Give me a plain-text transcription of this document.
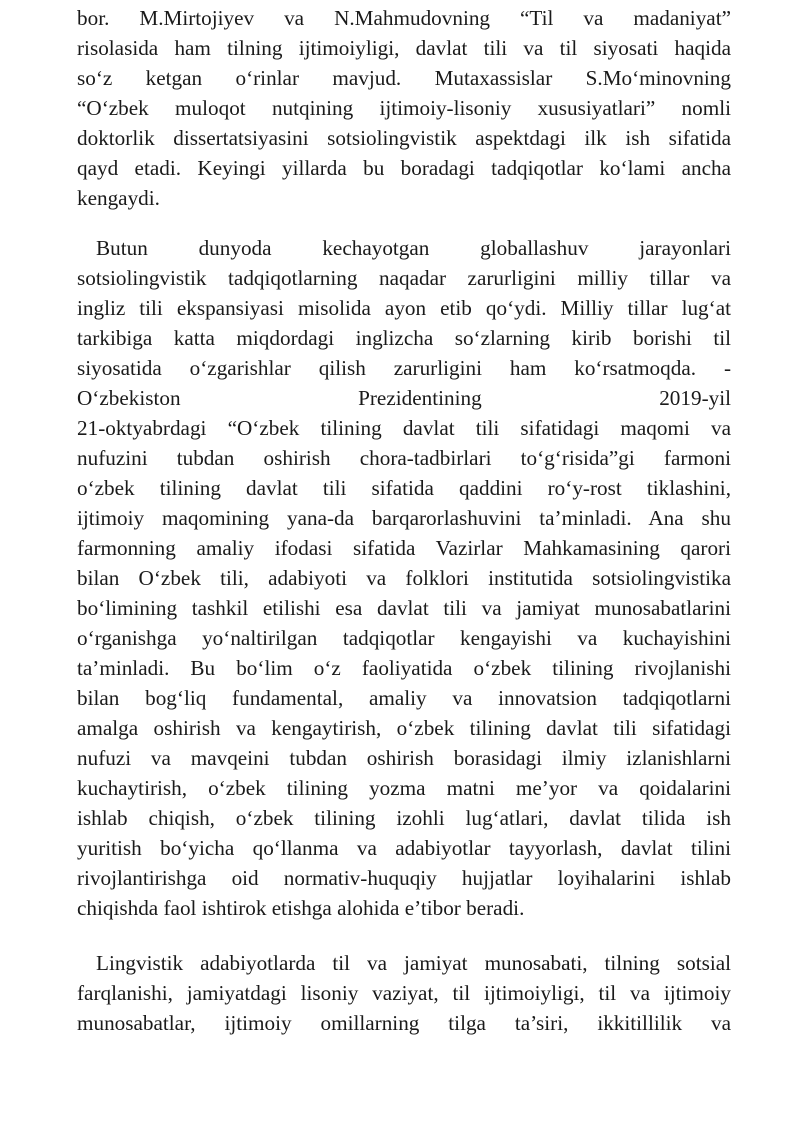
bor. M.Mirtojiyev va N.Mahmudovning “Til va madaniyat”
risolasida ham tilning ijtimoiyligi, davlat tili va til siyosati haqida
so‘z ketgan o‘rinlar mavjud. Mutaxassislar S.Mo‘minovning
“O‘zbek muloqot nutqining ijtimoiy-lisoniy xususiyatlari” nomli
doktorlik dissertatsiyasini sotsiolingvistik aspektdagi ilk ish sifatida
qayd etadi. Keyingi yillarda bu boradagi tadqiqotlar ko‘lami ancha
kengaydi.
Butun dunyoda kechayotgan globallashuv jarayonlari
sotsiolingvistik tadqiqotlarning naqadar zarurligini milliy tillar va
ingliz tili ekspansiyasi misolida ayon etib qo‘ydi. Milliy tillar lug‘at
tarkibiga katta miqdordagi inglizcha so‘zlarning kirib borishi til
siyosatida o‘zgarishlar qilish zarurligini ham ko‘rsatmoqda. -
O‘zbekiston Prezidentining 2019-yil
21-oktyabrdagi “O‘zbek tilining davlat tili sifatidagi maqomi va
nufuzini tubdan oshirish chora-tadbirlari to‘g‘risida”gi farmoni
o‘zbek tilining davlat tili sifatida qaddini ro‘y-rost tiklashini,
ijtimoiy maqomining yana-da barqarorlashuvini ta’minladi. Ana shu
farmonning amaliy ifodasi sifatida Vazirlar Mahkamasining qarori
bilan O‘zbek tili, adabiyoti va folklori institutida sotsiolingvistika
bo‘limining tashkil etilishi esa davlat tili va jamiyat munosabatlarini
o‘rganishga yo‘naltirilgan tadqiqotlar kengayishi va kuchayishini
ta’minladi. Bu bo‘lim o‘z faoliyatida o‘zbek tilining rivojlanishi
bilan bog‘liq fundamental, amaliy va innovatsion tadqiqotlarni
amalga oshirish va kengaytirish, o‘zbek tilining davlat tili sifatidagi
nufuzi va mavqeini tubdan oshirish borasidagi ilmiy izlanishlarni
kuchaytirish, o‘zbek tilining yozma matni me’yor va qoidalarini
ishlab chiqish, o‘zbek tilining izohli lug‘atlari, davlat tilida ish
yuritish bo‘yicha qo‘llanma va adabiyotlar tayyorlash, davlat tilini
rivojlantirishga oid normativ-huquqiy hujjatlar loyihalarini ishlab
chiqishda faol ishtirok etishga alohida e’tibor beradi.
Lingvistik adabiyotlarda til va jamiyat munosabati, tilning sotsial
farqlanishi, jamiyatdagi lisoniy vaziyat, til ijtimoiyligi, til va ijtimoiy
munosabatlar, ijtimoiy omillarning tilga ta’siri, ikkitillilik va
